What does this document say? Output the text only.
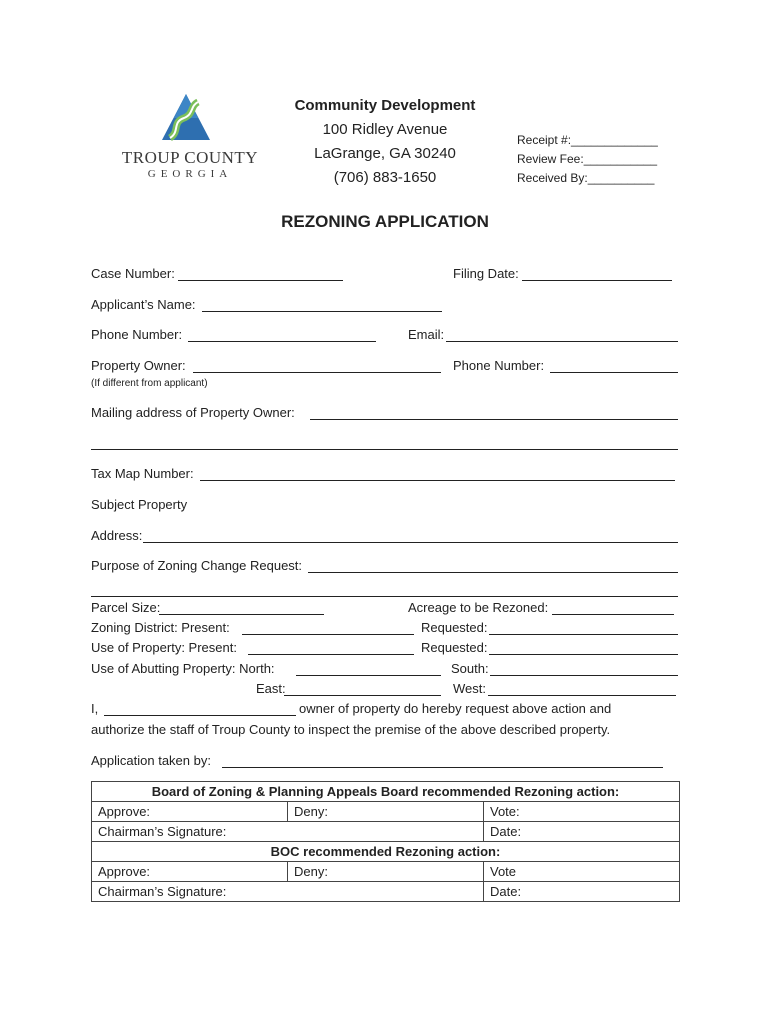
TROUP COUNTY
GEORGIA
Community Development
100 Ridley Avenue
LaGrange, GA 30240
(706) 883-1650
Receipt #:_____________
Review Fee:___________
Received By:__________
REZONING APPLICATION
Case Number:	Filing Date:
Applicant’s Name:
Phone Number:	Email:
Property Owner:	Phone Number:
(If different from applicant)
Mailing address of Property Owner:
Tax Map Number:
Subject Property
Address:
Purpose of Zoning Change Request:
Parcel Size:	Acreage to be Rezoned:
Zoning District: Present:	Requested:
Use of Property: Present:	Requested:
Use of Abutting Property: North:	South:
East:	West:
I,	owner of property do hereby request above action and
authorize the staff of Troup County to inspect the premise of the above described property.
Application taken by:
Board of Zoning & Planning Appeals Board recommended Rezoning action:		
Approve:	Deny:	Vote:
Chairman’s Signature:		Date:
BOC recommended Rezoning action:		
Approve:	Deny:	Vote
Chairman’s Signature:		Date:
